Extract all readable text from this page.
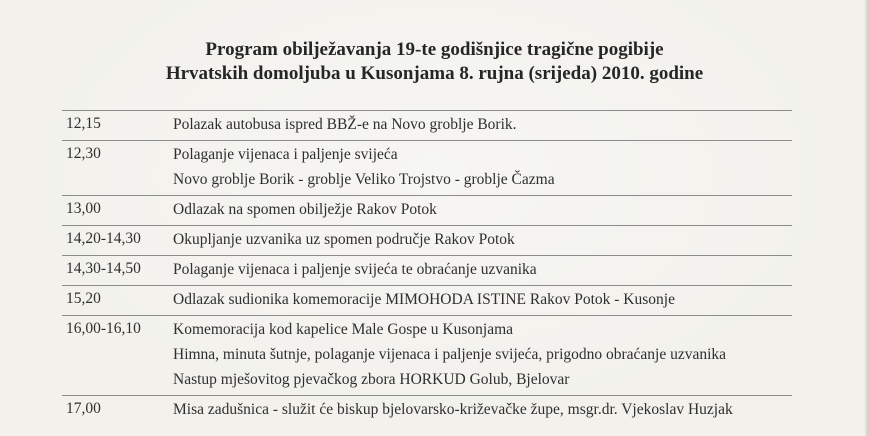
Program obilježavanja 19-te godišnjice tragične pogibije
Hrvatskih domoljuba u Kusonjama 8. rujna (srijeda) 2010. godine
12,15	Polazak autobusa ispred BBŽ-e na Novo groblje Borik.
12,30	Polaganje vijenaca i paljenje svijeća
Novo groblje Borik - groblje Veliko Trojstvo - groblje Čazma
13,00	Odlazak na spomen obilježje Rakov Potok
14,20-14,30 Okupljanje uzvanika uz spomen područje Rakov Potok
14,30-14,50 Polaganje vijenaca i paljenje svijeća te obraćanje uzvanika
15,20	Odlazak sudionika komemoracije MIMOHODA ISTINE Rakov Potok - Kusonje
16,00-16,10 Komemoracija kod kapelice Male Gospe u Kusonjama
Himna, minuta šutnje, polaganje vijenaca i paljenje svijeća, prigodno obraćanje uzvanika
Nastup mješovitog pjevačkog zbora HORKUD Golub, Bjelovar
17,00	Misa zadušnica - služit će biskup bjelovarsko-križevačke župe, msgr.dr. Vjekoslav Huzjak
